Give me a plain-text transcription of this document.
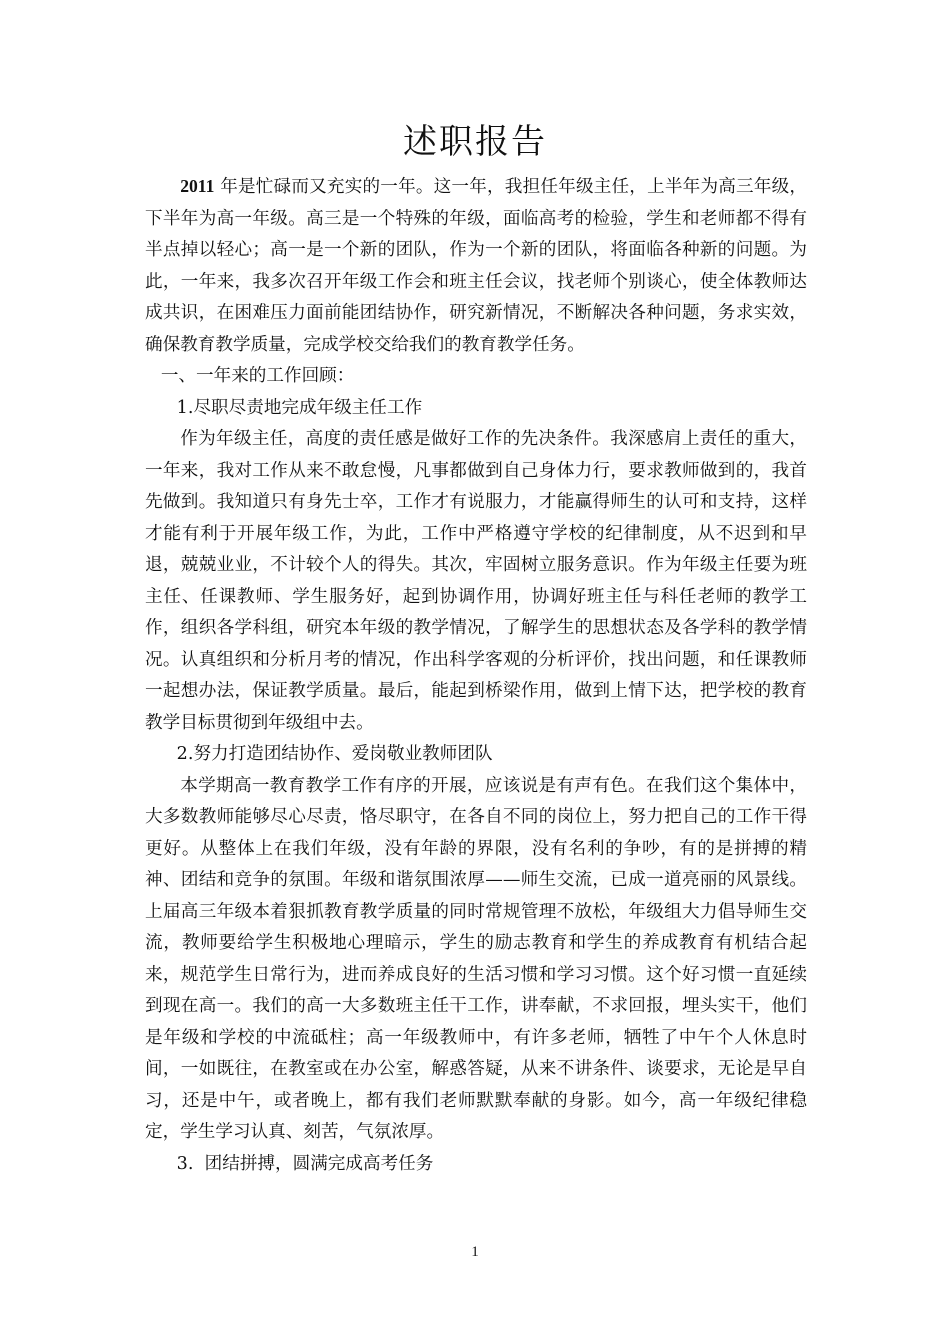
述职报告

2011 年是忙碌而又充实的一年。这一年，我担任年级主任，上半年为高三年级，下半年为高一年级。高三是一个特殊的年级，面临高考的检验，学生和老师都不得有半点掉以轻心；高一是一个新的团队，作为一个新的团队，将面临各种新的问题。为此，一年来，我多次召开年级工作会和班主任会议，找老师个别谈心，使全体教师达成共识，在困难压力面前能团结协作，研究新情况，不断解决各种问题，务求实效，确保教育教学质量，完成学校交给我们的教育教学任务。

一、一年来的工作回顾：

1.尽职尽责地完成年级主任工作

作为年级主任，高度的责任感是做好工作的先决条件。我深感肩上责任的重大，一年来，我对工作从来不敢怠慢，凡事都做到自己身体力行，要求教师做到的，我首先做到。我知道只有身先士卒，工作才有说服力，才能赢得师生的认可和支持，这样才能有利于开展年级工作，为此，工作中严格遵守学校的纪律制度，从不迟到和早退，兢兢业业，不计较个人的得失。其次，牢固树立服务意识。作为年级主任要为班主任、任课教师、学生服务好，起到协调作用，协调好班主任与科任老师的教学工作，组织各学科组，研究本年级的教学情况，了解学生的思想状态及各学科的教学情况。认真组织和分析月考的情况，作出科学客观的分析评价，找出问题，和任课教师一起想办法，保证教学质量。最后，能起到桥梁作用，做到上情下达，把学校的教育教学目标贯彻到年级组中去。

2.努力打造团结协作、爱岗敬业教师团队

本学期高一教育教学工作有序的开展，应该说是有声有色。在我们这个集体中，大多数教师能够尽心尽责，恪尽职守，在各自不同的岗位上，努力把自己的工作干得更好。从整体上在我们年级，没有年龄的界限，没有名利的争吵，有的是拼搏的精神、团结和竞争的氛围。年级和谐氛围浓厚——师生交流，已成一道亮丽的风景线。上届高三年级本着狠抓教育教学质量的同时常规管理不放松，年级组大力倡导师生交流，教师要给学生积极地心理暗示，学生的励志教育和学生的养成教育有机结合起来，规范学生日常行为，进而养成良好的生活习惯和学习习惯。这个好习惯一直延续到现在高一。我们的高一大多数班主任干工作，讲奉献，不求回报，埋头实干，他们是年级和学校的中流砥柱；高一年级教师中，有许多老师，牺牲了中午个人休息时间，一如既往，在教室或在办公室，解惑答疑，从来不讲条件、谈要求，无论是早自习，还是中午，或者晚上，都有我们老师默默奉献的身影。如今，高一年级纪律稳定，学生学习认真、刻苦，气氛浓厚。

3.  团结拼搏，圆满完成高考任务

1
